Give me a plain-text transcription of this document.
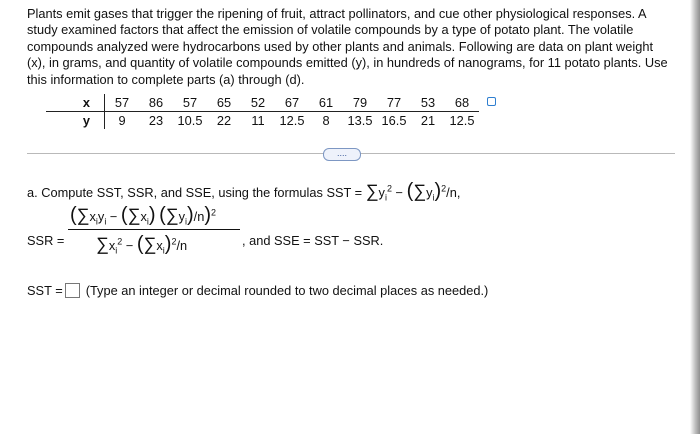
Plants emit gases that trigger the ripening of fruit, attract pollinators, and cue other physiological responses. A study examined factors that affect the emission of volatile compounds by a type of potato plant. The volatile compounds analyzed were hydrocarbons used by other plants and animals. Following are data on plant weight (x), in grams, and quantity of volatile compounds emitted (y), in hundreds of nanograms, for 11 potato plants. Use this information to complete parts (a) through (d).

x	57	86	57	65	52	67	61	79	77	53	68
y	9	23	10.5	22	11	12.5	8	13.5	16.5	21	12.5
....
a. Compute SST, SSR, and SSE, using the formulas SST = $\sum y_i^2 - (\sum y_i)^2/n$,
SSR =
($\sum x_iy_i - (\sum x_i)$ $(\sum y_i)/n)^2$
$\sum x_i^2 - (\sum x_i)^2/n$	, and SSE = SST − SSR.
SST = (Type an integer or decimal rounded to two decimal places as needed.)
